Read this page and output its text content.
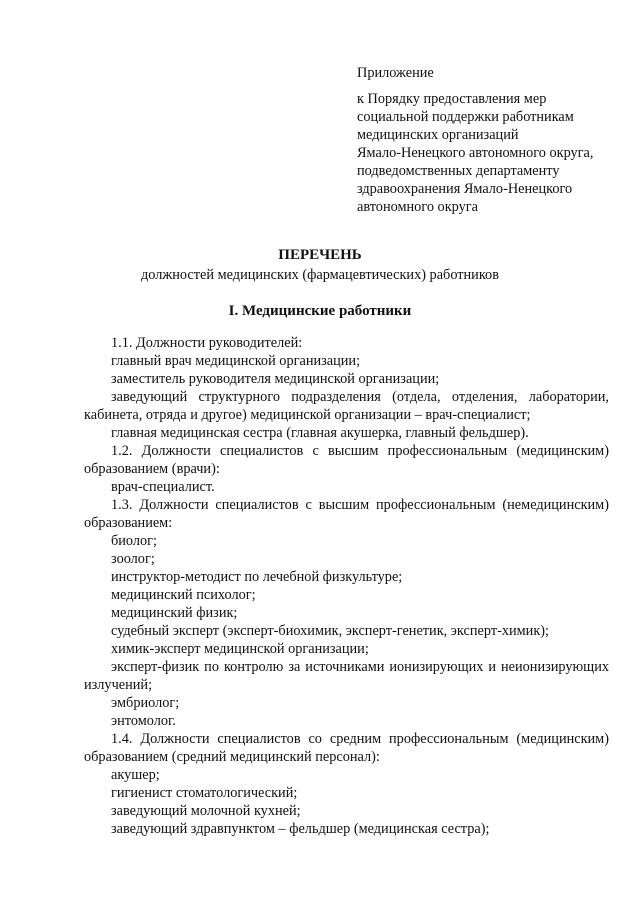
Приложение
к Порядку предоставления мер
социальной поддержки работникам
медицинских организаций
Ямало-Ненецкого автономного округа,
подведомственных департаменту
здравоохранения Ямало-Ненецкого
автономного округа
ПЕРЕЧЕНЬ
должностей медицинских (фармацевтических) работников
I. Медицинские работники
1.1. Должности руководителей:
главный врач медицинской организации;
заместитель руководителя медицинской организации;
заведующий структурного подразделения (отдела, отделения, лаборатории, кабинета, отряда и другое) медицинской организации – врач-специалист;
главная медицинская сестра (главная акушерка, главный фельдшер).
1.2. Должности специалистов с высшим профессиональным (медицинским) образованием (врачи):
врач-специалист.
1.3. Должности специалистов с высшим профессиональным (немедицинским) образованием:
биолог;
зоолог;
инструктор-методист по лечебной физкультуре;
медицинский психолог;
медицинский физик;
судебный эксперт (эксперт-биохимик, эксперт-генетик, эксперт-химик);
химик-эксперт медицинской организации;
эксперт-физик по контролю за источниками ионизирующих и неионизирующих излучений;
эмбриолог;
энтомолог.
1.4. Должности специалистов со средним профессиональным (медицинским) образованием (средний медицинский персонал):
акушер;
гигиенист стоматологический;
заведующий молочной кухней;
заведующий здравпунктом – фельдшер (медицинская сестра);
